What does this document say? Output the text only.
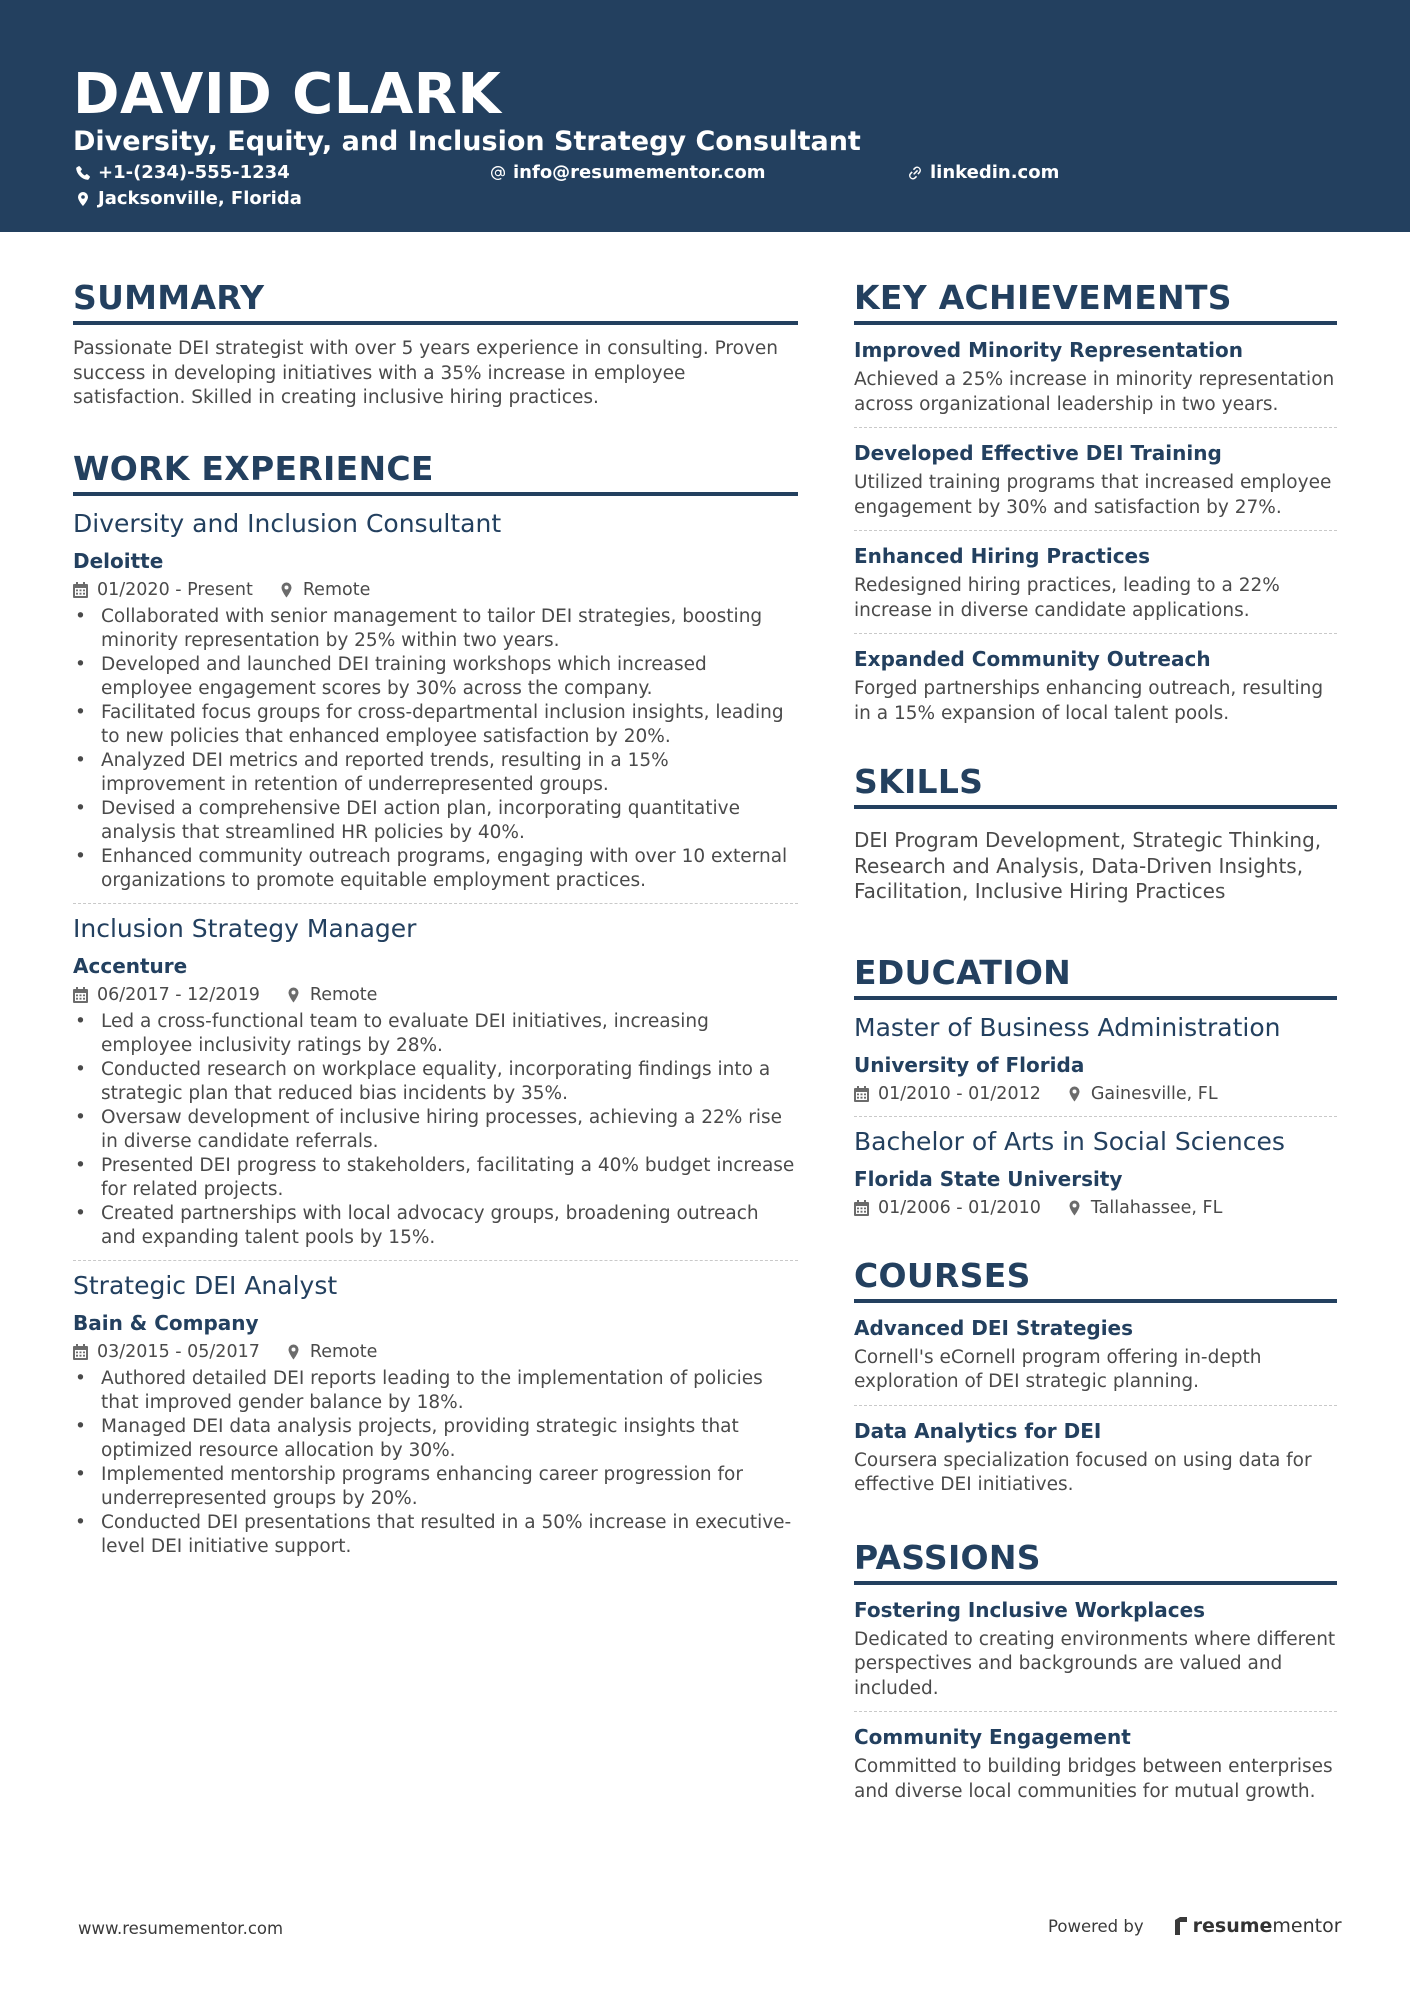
DAVID CLARK
Diversity, Equity, and Inclusion Strategy Consultant
+1-(234)-555-1234	info@resumementor.com	linkedin.com
Jacksonville, Florida
SUMMARY
Passionate DEI strategist with over 5 years experience in consulting. Proven success in developing initiatives with a 35% increase in employee satisfaction. Skilled in creating inclusive hiring practices.
WORK EXPERIENCE
Diversity and Inclusion Consultant
Deloitte
01/2020 - Present	Remote
• Collaborated with senior management to tailor DEI strategies, boosting minority representation by 25% within two years.
• Developed and launched DEI training workshops which increased employee engagement scores by 30% across the company.
• Facilitated focus groups for cross-departmental inclusion insights, leading to new policies that enhanced employee satisfaction by 20%.
• Analyzed DEI metrics and reported trends, resulting in a 15% improvement in retention of underrepresented groups.
• Devised a comprehensive DEI action plan, incorporating quantitative analysis that streamlined HR policies by 40%.
• Enhanced community outreach programs, engaging with over 10 external organizations to promote equitable employment practices.
Inclusion Strategy Manager
Accenture
06/2017 - 12/2019	Remote
• Led a cross-functional team to evaluate DEI initiatives, increasing employee inclusivity ratings by 28%.
• Conducted research on workplace equality, incorporating findings into a strategic plan that reduced bias incidents by 35%.
• Oversaw development of inclusive hiring processes, achieving a 22% rise in diverse candidate referrals.
• Presented DEI progress to stakeholders, facilitating a 40% budget increase for related projects.
• Created partnerships with local advocacy groups, broadening outreach and expanding talent pools by 15%.
Strategic DEI Analyst
Bain & Company
03/2015 - 05/2017	Remote
• Authored detailed DEI reports leading to the implementation of policies that improved gender balance by 18%.
• Managed DEI data analysis projects, providing strategic insights that optimized resource allocation by 30%.
• Implemented mentorship programs enhancing career progression for underrepresented groups by 20%.
• Conducted DEI presentations that resulted in a 50% increase in executive-level DEI initiative support.
KEY ACHIEVEMENTS
Improved Minority Representation
Achieved a 25% increase in minority representation across organizational leadership in two years.
Developed Effective DEI Training
Utilized training programs that increased employee engagement by 30% and satisfaction by 27%.
Enhanced Hiring Practices
Redesigned hiring practices, leading to a 22% increase in diverse candidate applications.
Expanded Community Outreach
Forged partnerships enhancing outreach, resulting in a 15% expansion of local talent pools.
SKILLS
DEI Program Development, Strategic Thinking, Research and Analysis, Data-Driven Insights, Facilitation, Inclusive Hiring Practices
EDUCATION
Master of Business Administration
University of Florida
01/2010 - 01/2012	Gainesville, FL
Bachelor of Arts in Social Sciences
Florida State University
01/2006 - 01/2010	Tallahassee, FL
COURSES
Advanced DEI Strategies
Cornell's eCornell program offering in-depth exploration of DEI strategic planning.
Data Analytics for DEI
Coursera specialization focused on using data for effective DEI initiatives.
PASSIONS
Fostering Inclusive Workplaces
Dedicated to creating environments where different perspectives and backgrounds are valued and included.
Community Engagement
Committed to building bridges between enterprises and diverse local communities for mutual growth.
www.resumementor.com	Powered by	resume mentor
